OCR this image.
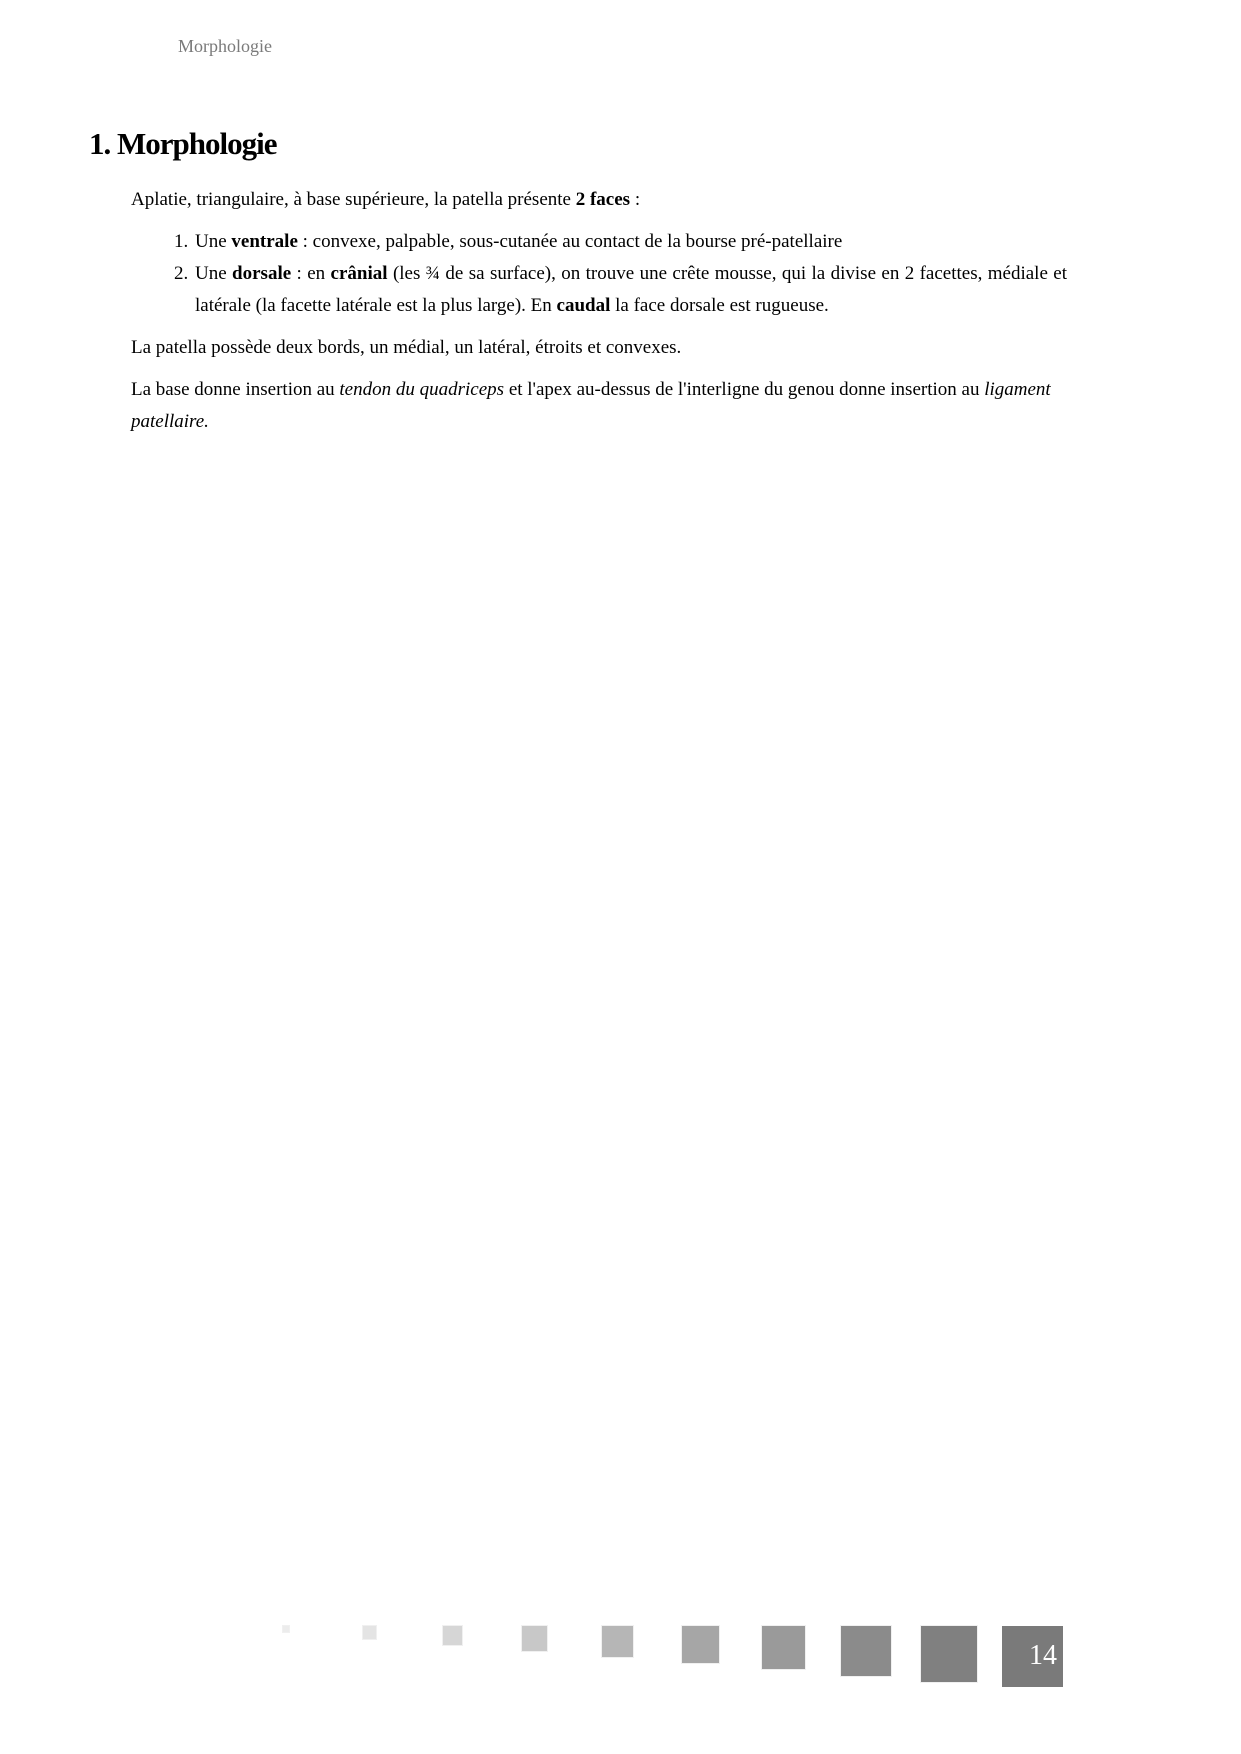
Morphologie
1. Morphologie

Aplatie, triangulaire, à base supérieure, la patella présente 2 faces :

1. Une ventrale : convexe, palpable, sous-cutanée au contact de la bourse pré-patellaire
2. Une dorsale : en crânial (les ¾ de sa surface), on trouve une crête mousse, qui la divise en 2 facettes, médiale et latérale (la facette latérale est la plus large). En caudal la face dorsale est rugueuse.

La patella possède deux bords, un médial, un latéral, étroits et convexes.

La base donne insertion au tendon du quadriceps et l'apex au-dessus de l'interligne du genou donne insertion au ligament patellaire.

14
